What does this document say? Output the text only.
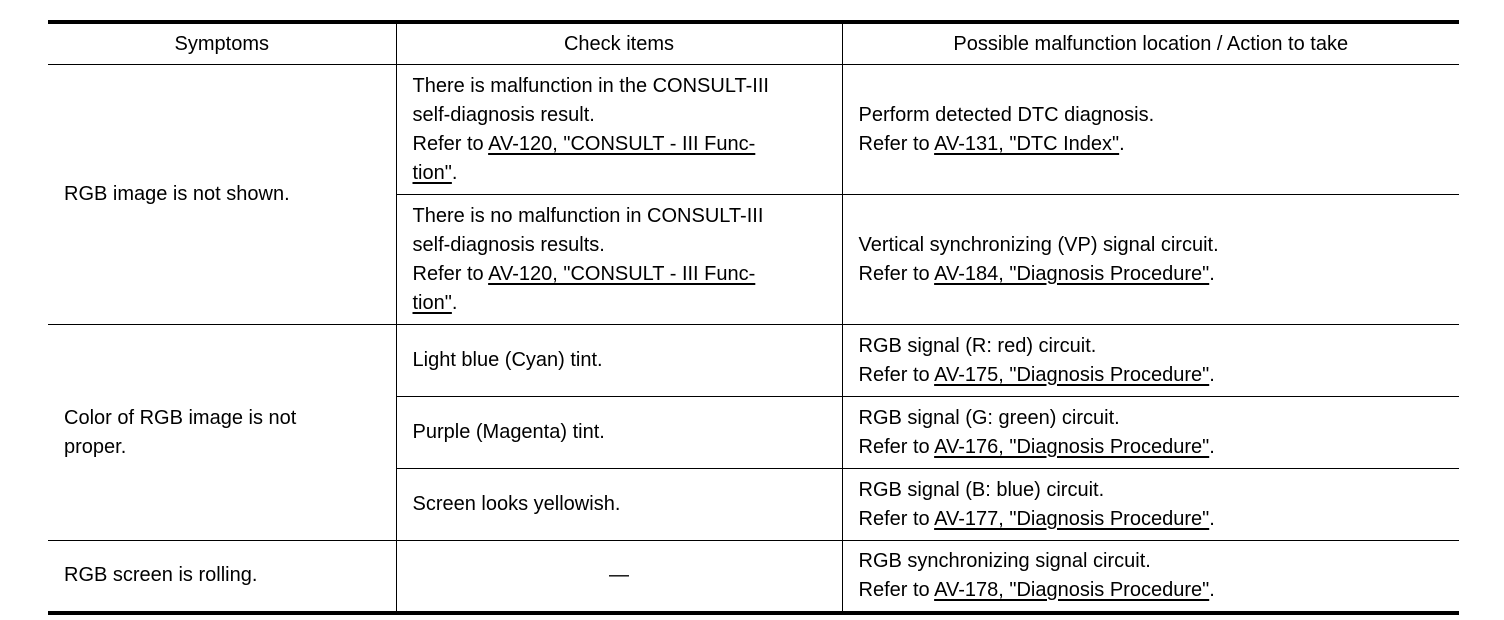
Symptoms	Check items	Possible malfunction location / Action to take
RGB image is not shown.	There is malfunction in the CONSULT-III
self-diagnosis result.
Refer to AV-120, "CONSULT - III Func-
tion".	Perform detected DTC diagnosis.
Refer to AV-131, "DTC Index".
	There is no malfunction in CONSULT-III
self-diagnosis results.
Refer to AV-120, "CONSULT - III Func-
tion".	Vertical synchronizing (VP) signal circuit.
Refer to AV-184, "Diagnosis Procedure".
Color of RGB image is not
proper.	Light blue (Cyan) tint.	RGB signal (R: red) circuit.
Refer to AV-175, "Diagnosis Procedure".
	Purple (Magenta) tint.	RGB signal (G: green) circuit.
Refer to AV-176, "Diagnosis Procedure".
	Screen looks yellowish.	RGB signal (B: blue) circuit.
Refer to AV-177, "Diagnosis Procedure".
RGB screen is rolling.	—	RGB synchronizing signal circuit.
Refer to AV-178, "Diagnosis Procedure".
